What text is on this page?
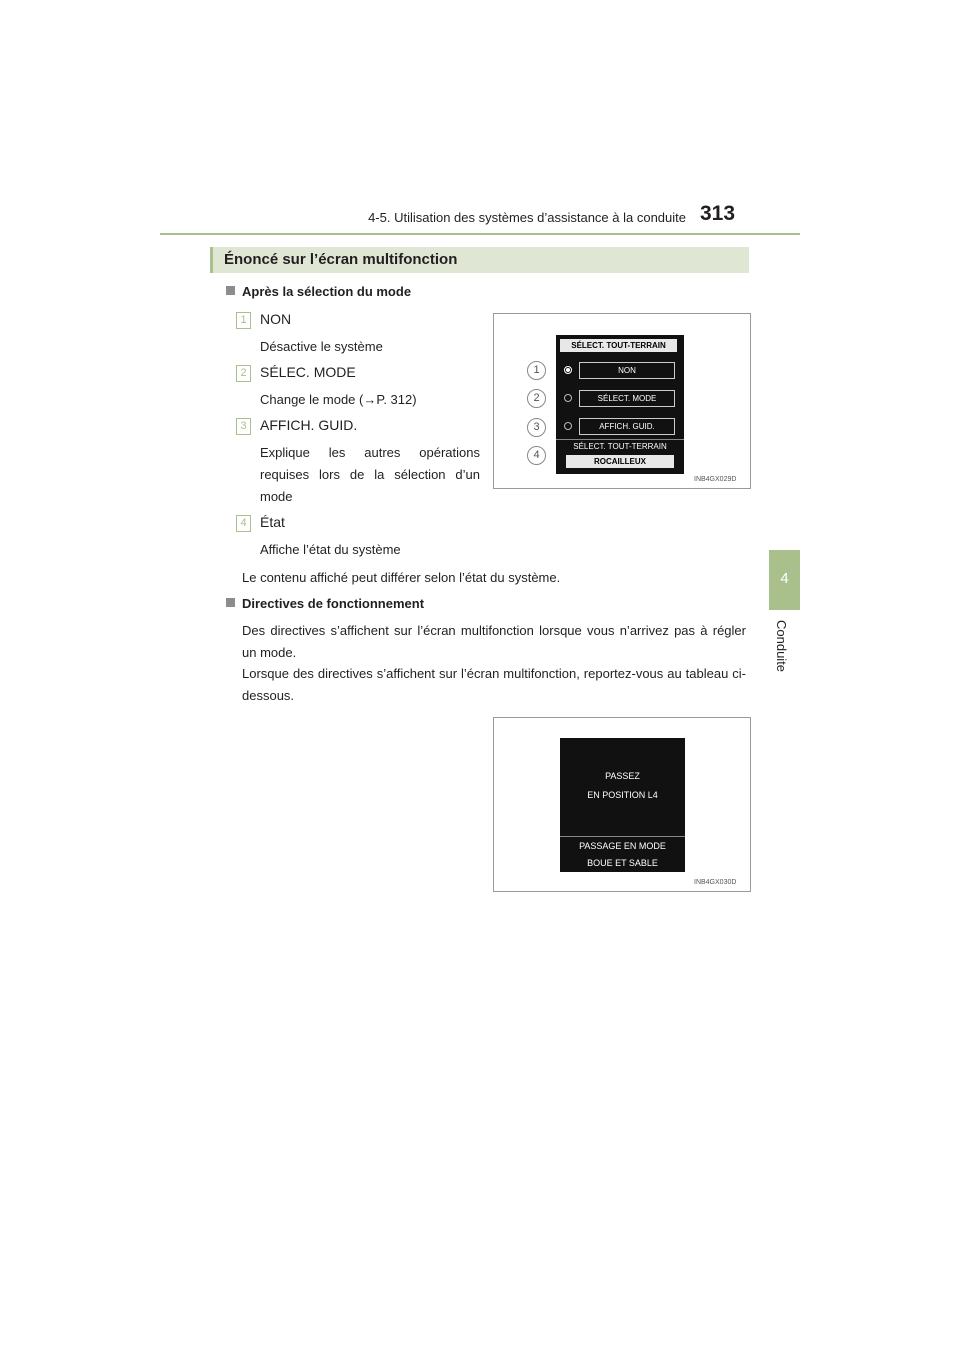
4-5. Utilisation des systèmes d’assistance à la conduite 313
4
Conduite
Énoncé sur l’écran multifonction
Après la sélection du mode
1 NON
Désactive le système
2 SÉLEC. MODE
Change le mode (→P. 312)
3 AFFICH. GUID.
Explique les autres opérations requises lors de la sélection d’un mode
4 État
Affiche l’état du système
Le contenu affiché peut différer selon l’état du système.
SÉLECT. TOUT-TERRAIN
NON
SÉLECT. MODE
AFFICH. GUID.
SÉLECT. TOUT-TERRAIN
ROCAILLEUX
1
2
3
4
INB4GX029D
Directives de fonctionnement
Des directives s’affichent sur l’écran multifonction lorsque vous n’arrivez pas à régler un mode.
Lorsque des directives s’affichent sur l’écran multifonction, reportez-vous au tableau ci-dessous.
PASSEZ
EN POSITION L4
PASSAGE EN MODE
BOUE ET SABLE
INB4GX030D
